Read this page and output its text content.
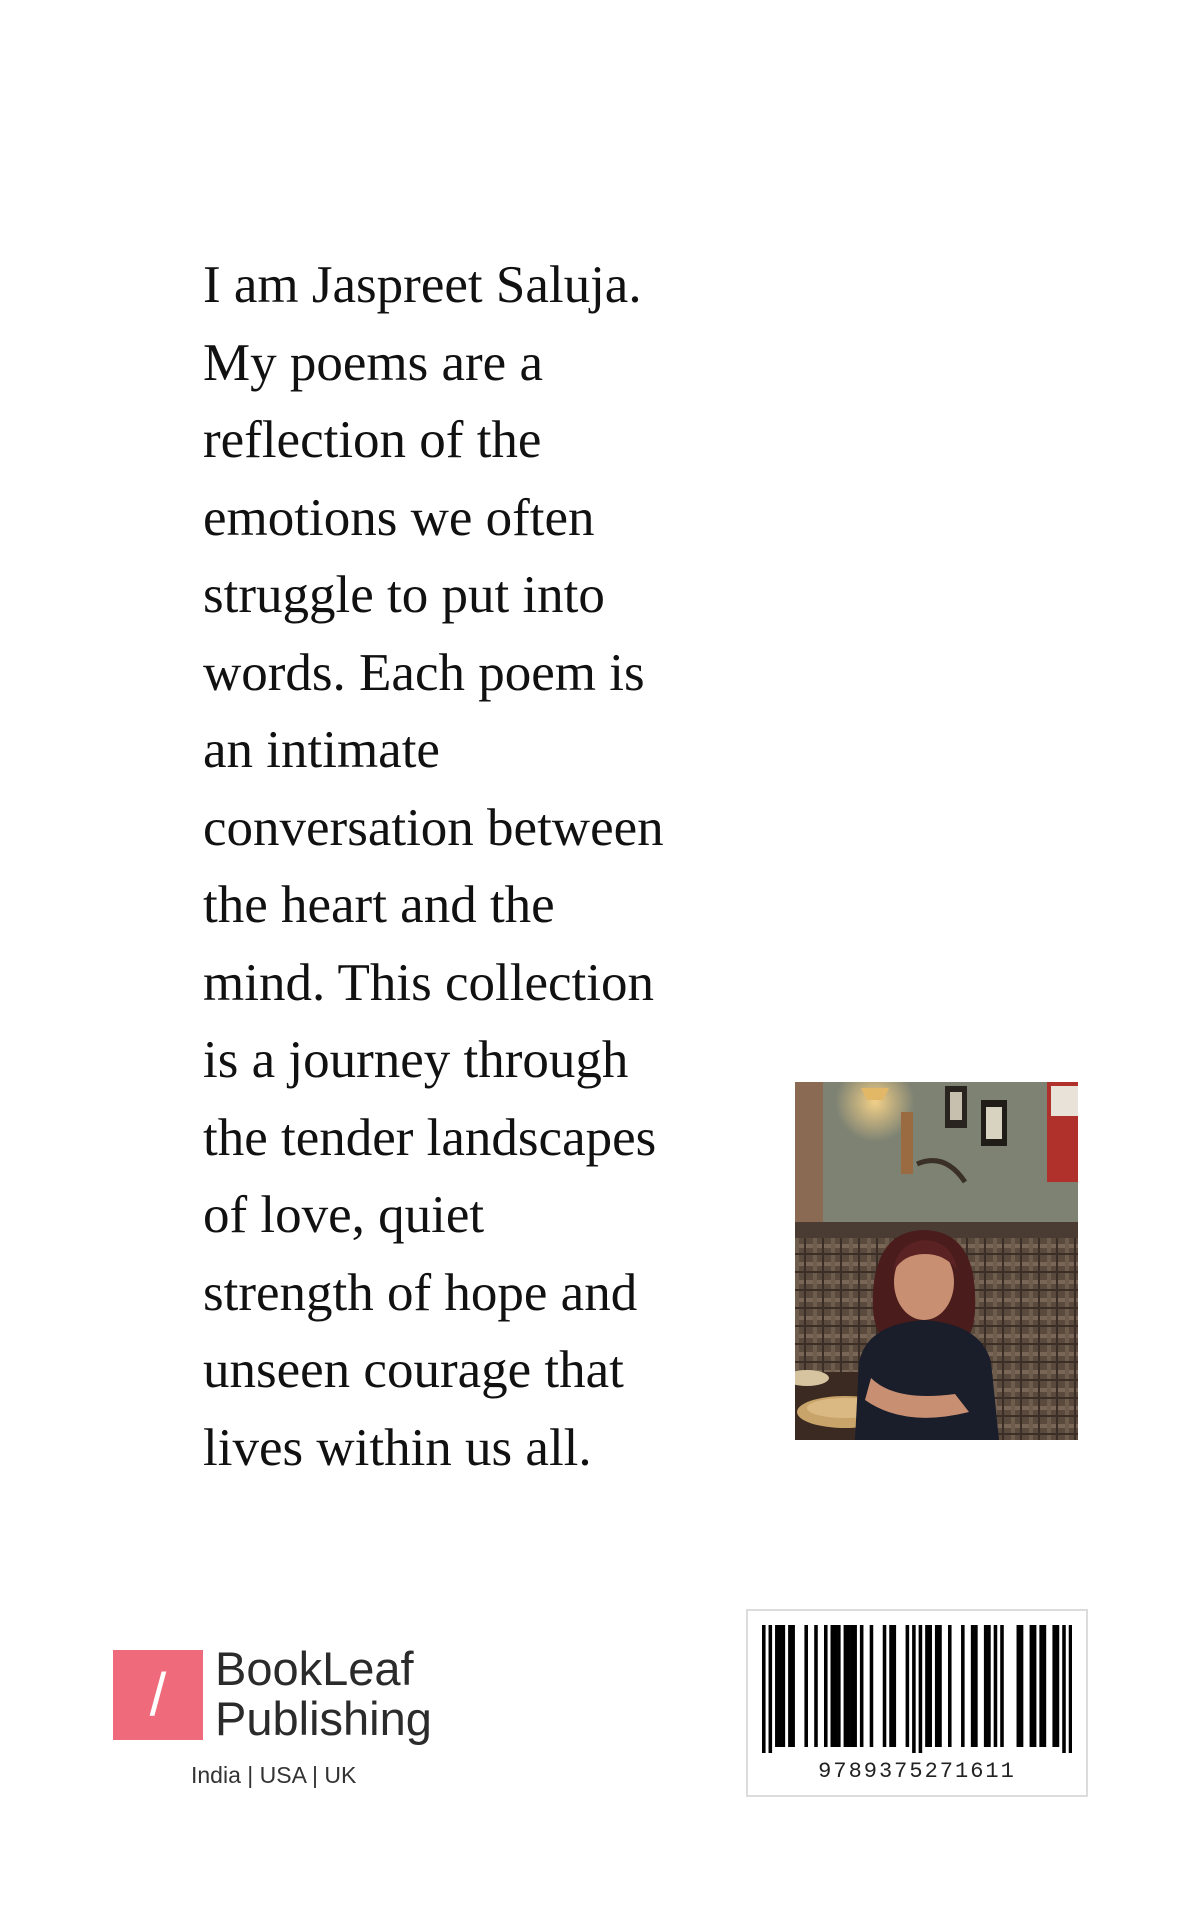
I am Jaspreet Saluja.
My poems are a
reflection of the
emotions we often
struggle to put into
words. Each poem is
an intimate
conversation between
the heart and the
mind. This collection
is a journey through
the tender landscapes
of love, quiet
strength of hope and
unseen courage that
lives within us all.
/	BookLeaf
Publishing
India | USA | UK	9789375271611
